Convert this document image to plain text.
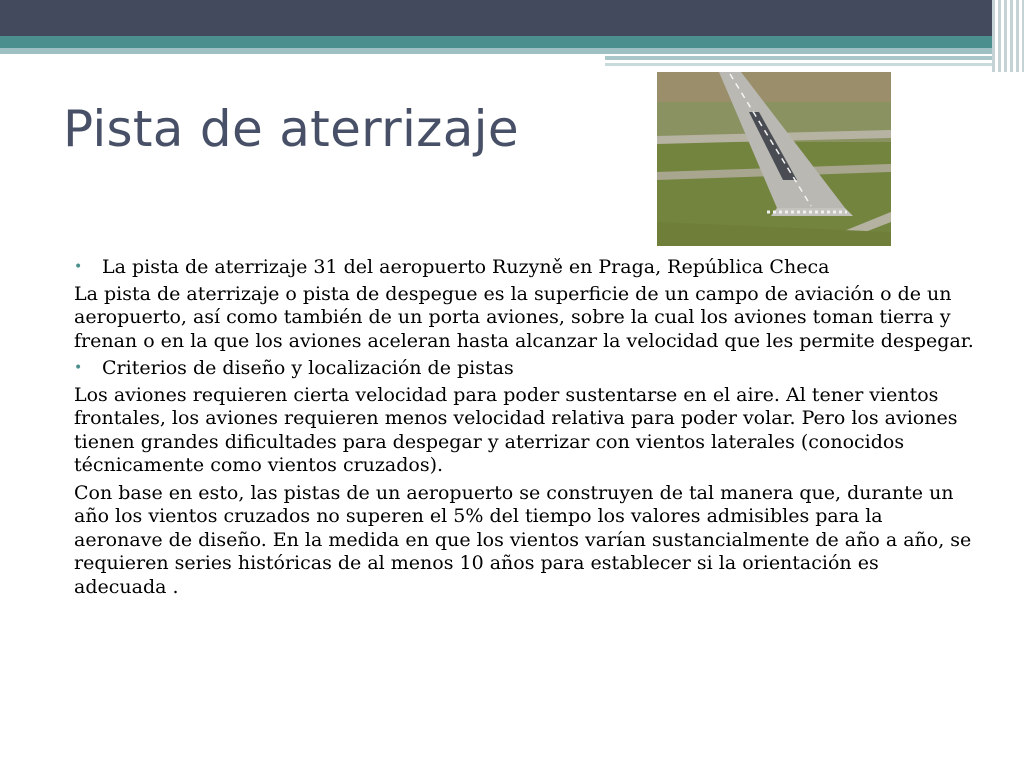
Pista de aterrizaje
• La pista de aterrizaje 31 del aeropuerto Ruzyně en Praga, República Checa

La pista de aterrizaje o pista de despegue es la superficie de un campo de aviación o de un aeropuerto, así como también de un porta aviones, sobre la cual los aviones toman tierra y frenan o en la que los aviones aceleran hasta alcanzar la velocidad que les permite despegar.

• Criterios de diseño y localización de pistas

Los aviones requieren cierta velocidad para poder sustentarse en el aire. Al tener vientos frontales, los aviones requieren menos velocidad relativa para poder volar. Pero los aviones tienen grandes dificultades para despegar y aterrizar con vientos laterales (conocidos técnicamente como vientos cruzados).

Con base en esto, las pistas de un aeropuerto se construyen de tal manera que, durante un año los vientos cruzados no superen el 5% del tiempo los valores admisibles para la aeronave de diseño. En la medida en que los vientos varían sustancialmente de año a año, se requieren series históricas de al menos 10 años para establecer si la orientación es adecuada .
